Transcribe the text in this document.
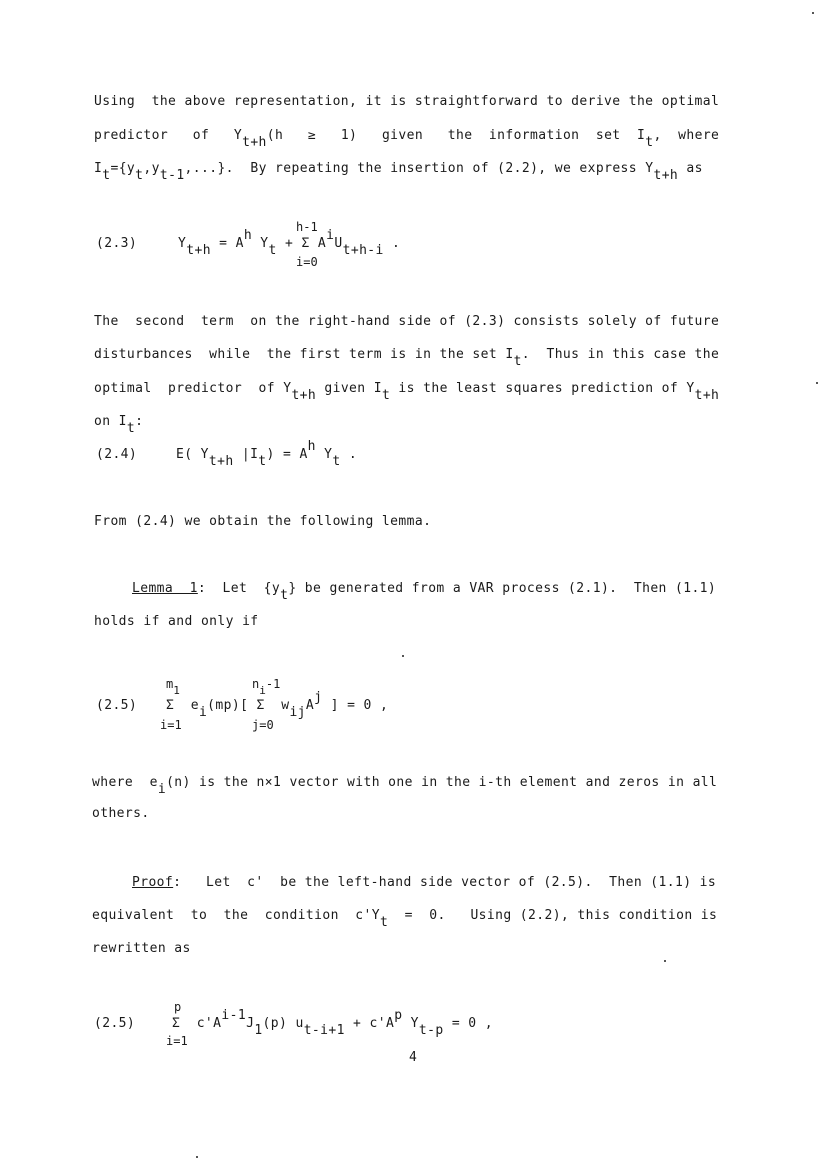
Using  the above representation, it is straightforward to derive the optimal
predictor   of   Yt+h(h   ≥   1)   given   the  information  set  It,  where
It={yt,yt-1,...}.  By repeating the insertion of (2.2), we express Yt+h as
h-1
(2.3)	Yt+h = Ah Yt + Σ AiUt+h-i .
i=0
The  second  term  on the right-hand side of (2.3) consists solely of future
disturbances  while  the first term is in the set It.  Thus in this case the
optimal  predictor  of Yt+h given It is the least squares prediction of Yt+h
on It:
(2.4)	E( Yt+h |It) = Ah Yt .
From (2.4) we obtain the following lemma.
Lemma  1:  Let  {yt} be generated from a VAR process (2.1).  Then (1.1)
holds if and only if
m1	ni-1
(2.5) Σ ei(mp)[ Σ  wijAj ] = 0 ,
i=1	j=0
where  ei(n) is the n×1 vector with one in the i-th element and zeros in all
others.
Proof:   Let  c'  be the left-hand side vector of (2.5).  Then (1.1) is
equivalent  to  the  condition  c'Yt  =  0.   Using (2.2), this condition is
rewritten as
p
(2.5)	Σ c'Ai-1J1(p) ut-i+1 + c'Ap Yt-p = 0 ,
i=1
4
